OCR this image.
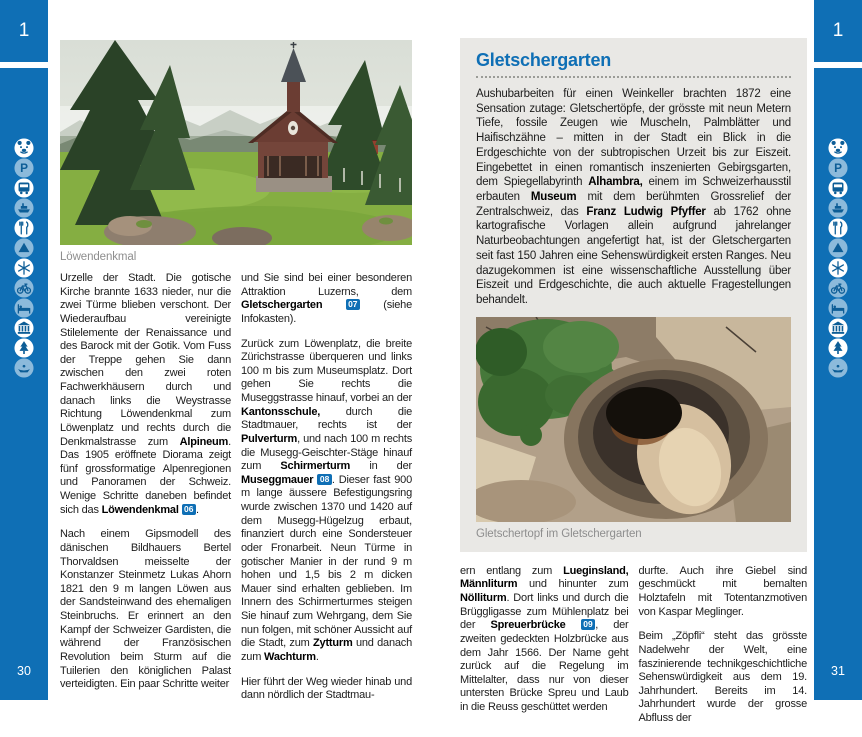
1
P
30
1
P
31
Löwendenkmal

Urzelle der Stadt. Die gotische Kirche brannte 1633 nieder, nur die zwei Türme blieben verschont. Der Wiederaufbau vereinigte Stilelemente der Renaissance und des Barock mit der Gotik. Vom Fuss der Treppe gehen Sie dann zwischen den zwei roten Fachwerkhäusern durch und danach links die Weystrasse Richtung Löwendenkmal zum Löwenplatz und rechts durch die Denkmalstrasse zum Alpineum. Das 1905 eröffnete Diorama zeigt fünf grossformatige Alpenregionen und Panoramen der Schweiz. Wenige Schritte daneben befindet sich das Löwendenkmal 06 .

Nach einem Gipsmodell des dänischen Bildhauers Bertel Thorvaldsen meisselte der Konstanzer Steinmetz Lukas Ahorn 1821 den 9 m langen Löwen aus der Sandsteinwand des ehemaligen Steinbruchs. Er erinnert an den Kampf der Schweizer Gardisten, die während der Französischen Revolution beim Sturm auf die Tuilerien den königlichen Palast verteidigten. Ein paar Schritte weiter

und Sie sind bei einer besonderen Attraktion Luzerns, dem Gletschergarten	07 (siehe Infokasten).

Zurück zum Löwenplatz, die breite Zürichstrasse überqueren und links 100 m bis zum Museumsplatz. Dort gehen Sie rechts die Museggstrasse hinauf, vorbei an der Kantonsschule, durch die Stadtmauer, rechts ist der Pulverturm, und nach 100 m rechts die Musegg-Geischter-Stäge hinauf zum Schirmerturm in der Museggmauer 08 . Dieser fast 900 m lange äussere Befestigungsring wurde zwischen 1370 und 1420 auf dem Musegg-Hügelzug erbaut, finanziert durch eine Sondersteuer oder Fronarbeit. Neun Türme in gotischer Manier in der rund 9 m hohen und 1,5 bis 2 m dicken Mauer sind erhalten geblieben. Im Innern des Schirmerturmes steigen Sie hinauf zum Wehrgang, dem Sie nun folgen, mit schöner Aussicht auf die Stadt, zum Zytturm und danach zum Wachturm.

Hier führt der Weg wieder hinab und dann nördlich der Stadtmau-

Gletschergarten

Aushubarbeiten für einen Weinkeller brachten 1872 eine Sensation zutage: Gletschertöpfe, der grösste mit neun Metern Tiefe, fossile Zeugen wie Muscheln, Palmblätter und Haifischzähne – mitten in der Stadt ein Blick in die Erdgeschichte von der subtropischen Urzeit bis zur Eiszeit. Eingebettet in einen romantisch inszenierten Gebirgsgarten, dem Spiegellabyrinth Alhambra, einem im Schweizerhausstil erbauten Museum mit dem berühmten Grossrelief der Zentralschweiz, das Franz Ludwig Pfyffer ab 1762 ohne kartografische Vorlagen allein aufgrund jahrelanger Naturbeobachtungen angefertigt hat, ist der Gletschergarten seit fast 150 Jahren eine Sehenswürdigkeit ersten Ranges. Neu dazugekommen ist eine wissenschaftliche Ausstellung über Eiszeit und Erdgeschichte, die auch aktuelle Fragestellungen behandelt.

Gletschertopf im Gletschergarten

ern entlang zum Lueginsland, Männliturm und hinunter zum Nölliturm. Dort links und durch die Brüggligasse zum Mühlenplatz bei der Spreuerbrücke 09 , der zweiten gedeckten Holzbrücke aus dem Jahr 1566. Der Name geht zurück auf die Regelung im Mittelalter, dass nur von dieser untersten Brücke Spreu und Laub in die Reuss geschüttet werden

durfte. Auch ihre Giebel sind geschmückt mit bemalten Holztafeln mit Totentanzmotiven von Kaspar Meglinger.

Beim „Zöpfli“ steht das grösste Nadelwehr der Welt, eine faszinierende technikgeschichtliche Sehenswürdigkeit aus dem 19. Jahrhundert. Bereits im 14. Jahrhundert wurde der grosse Abfluss der
